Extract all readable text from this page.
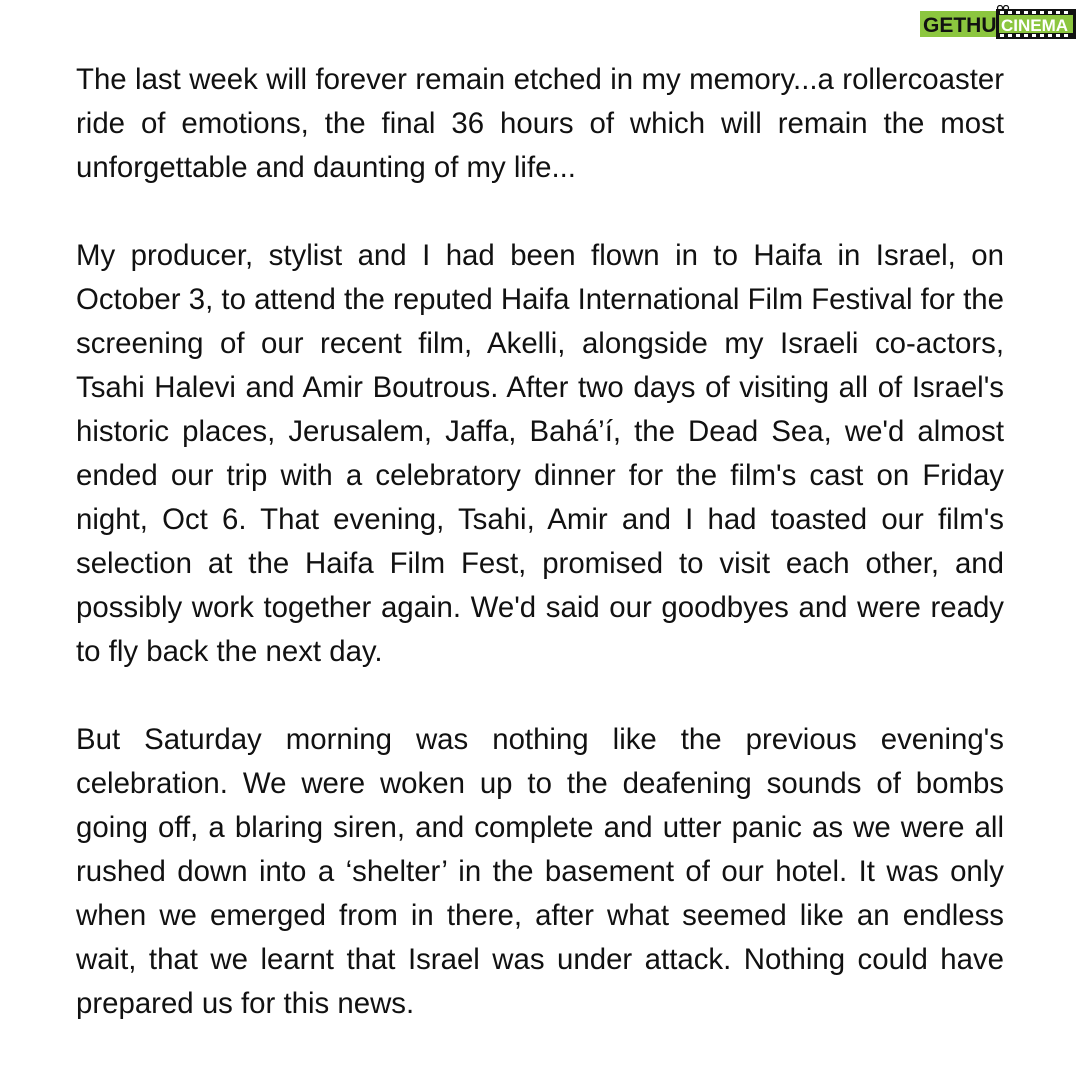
GETHU CINEMA

The last week will forever remain etched in my memory...a rollercoaster ride of emotions, the final 36 hours of which will remain the most unforgettable and daunting of my life...

My producer, stylist and I had been flown in to Haifa in Israel, on October 3, to attend the reputed Haifa International Film Festival for the screening of our recent film, Akelli, alongside my Israeli co-actors, Tsahi Halevi and Amir Boutrous. After two days of visiting all of Israel's historic places, Jerusalem, Jaffa, Bahá’í, the Dead Sea, we'd almost ended our trip with a celebratory dinner for the film's cast on Friday night, Oct 6. That evening, Tsahi, Amir and I had toasted our film's selection at the Haifa Film Fest, promised to visit each other, and possibly work together again. We'd said our goodbyes and were ready to fly back the next day.

But Saturday morning was nothing like the previous evening's celebration. We were woken up to the deafening sounds of bombs going off, a blaring siren, and complete and utter panic as we were all rushed down into a ‘shelter’ in the basement of our hotel. It was only when we emerged from in there, after what seemed like an endless wait, that we learnt that Israel was under attack. Nothing could have prepared us for this news.
